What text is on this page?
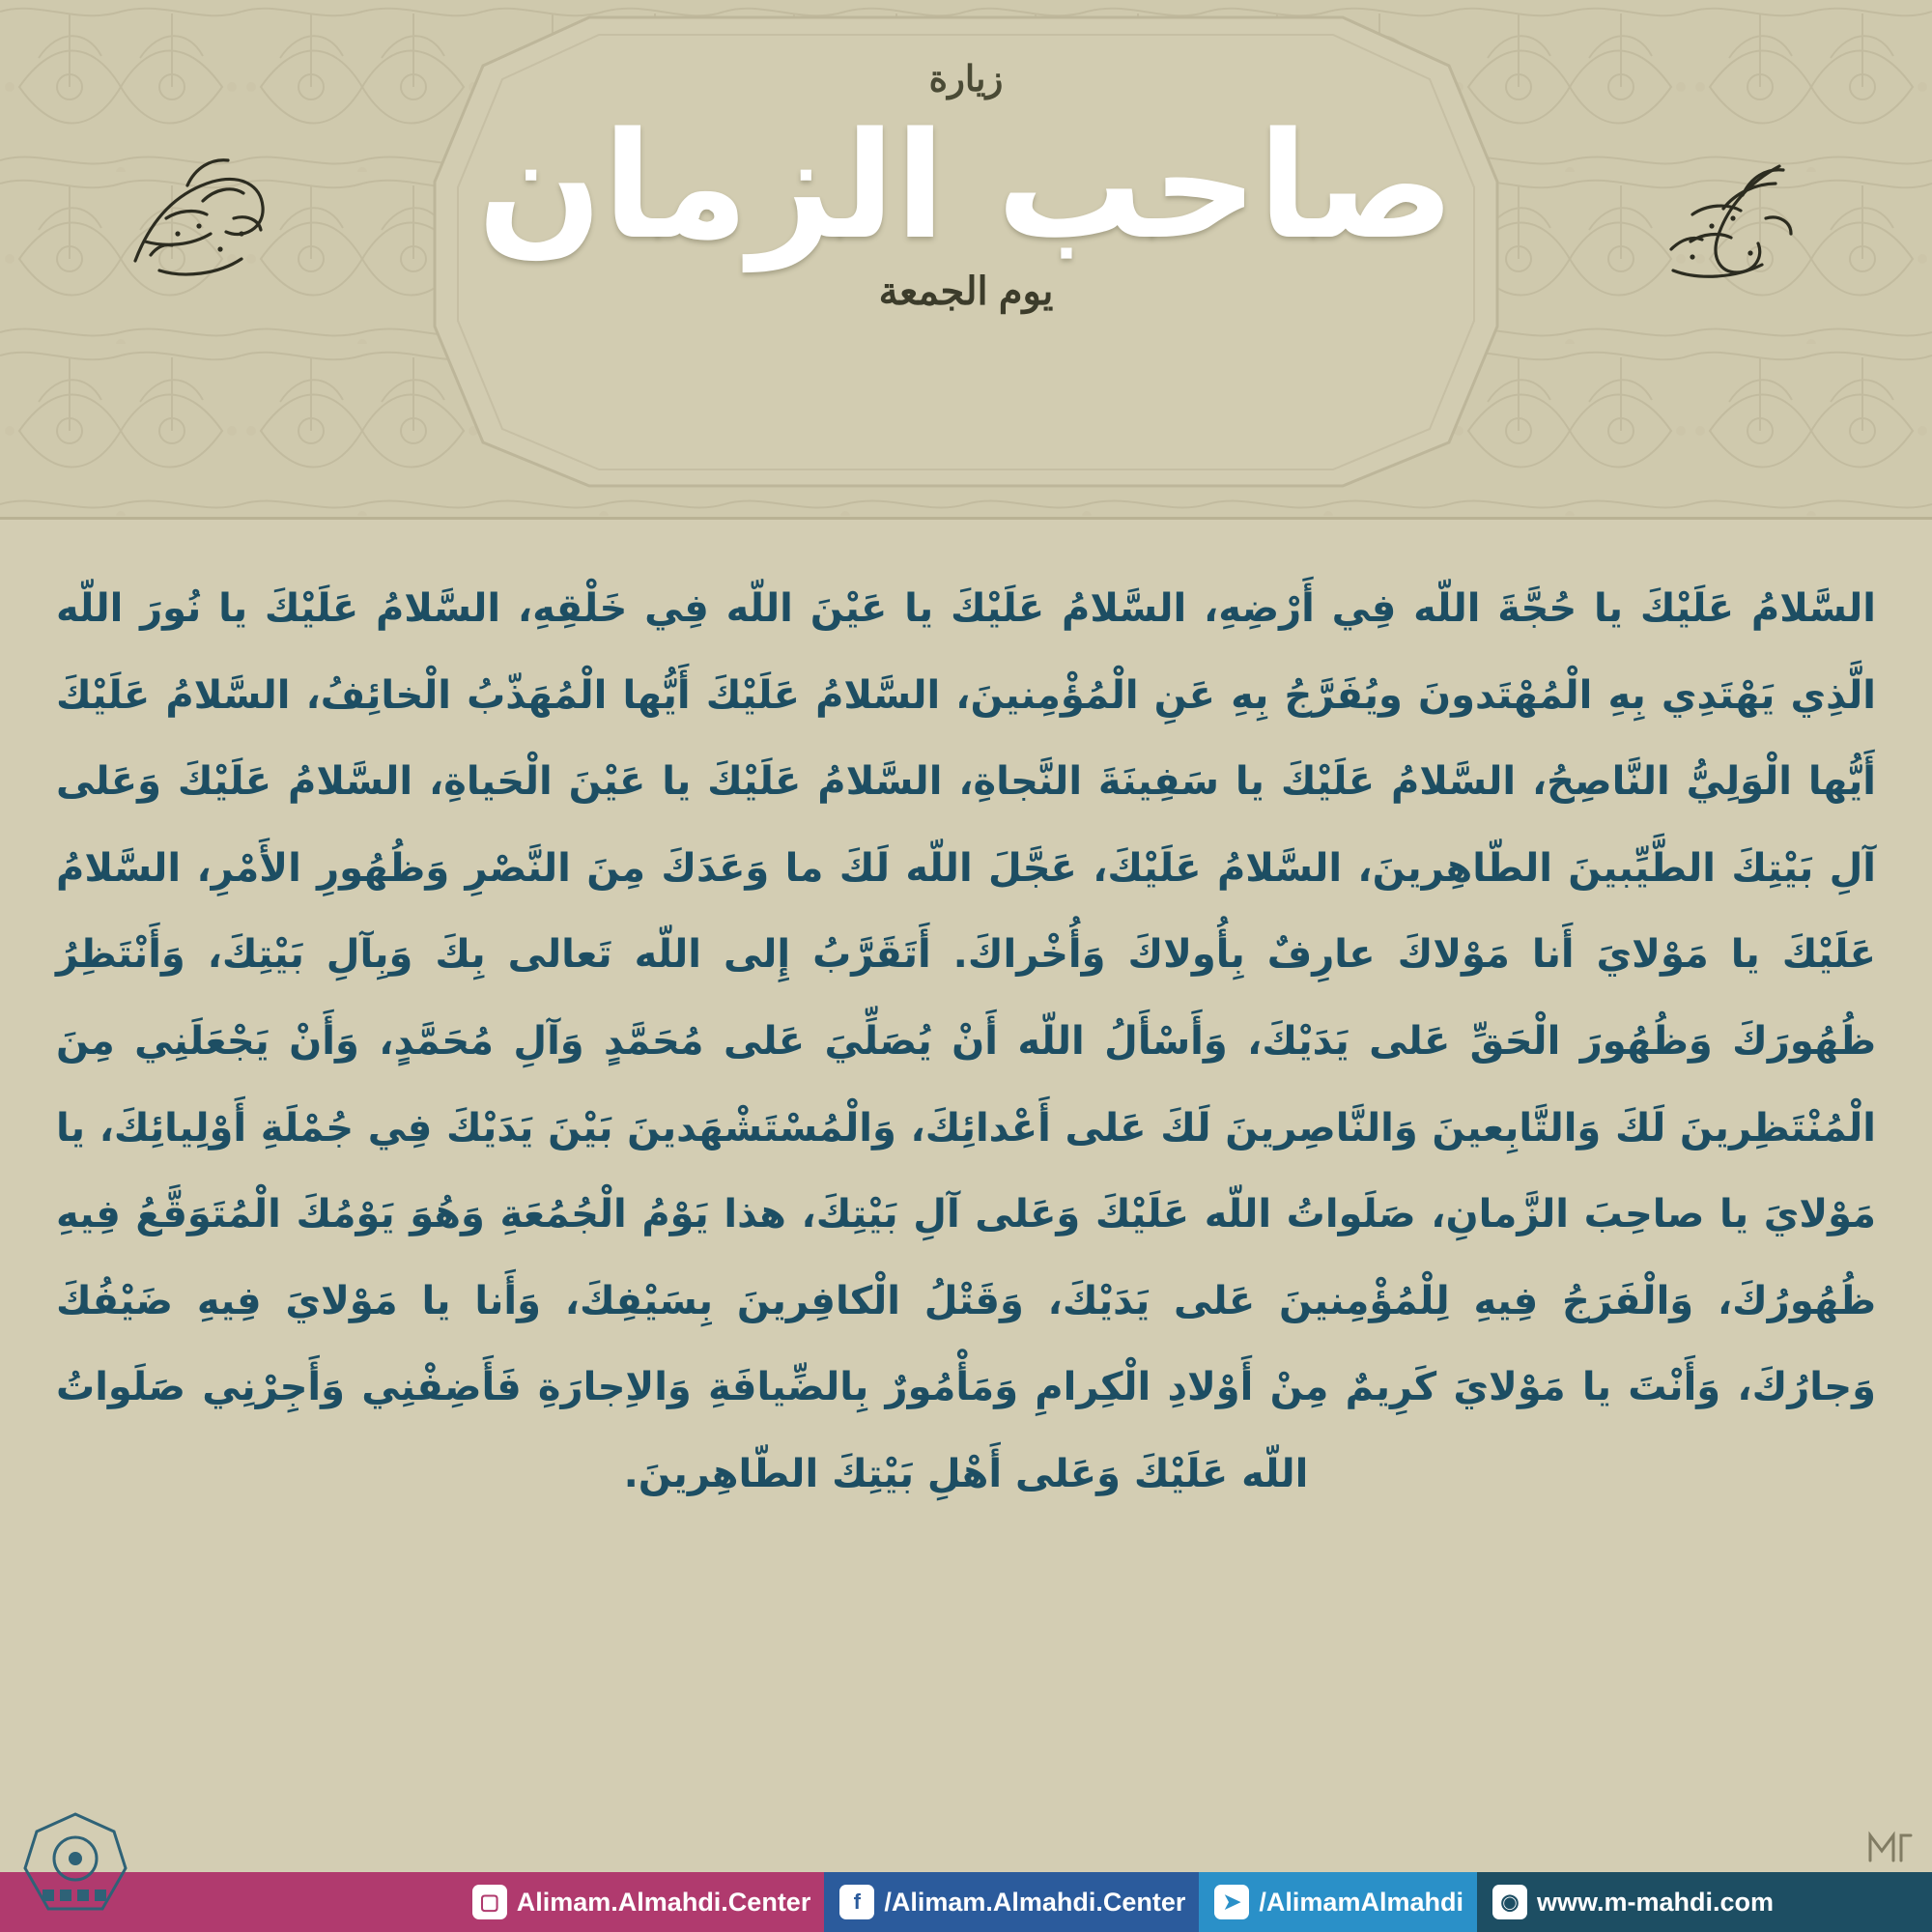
زيارة
صاحب الزمان
يوم الجمعة
السَّلامُ عَلَيْكَ يا حُجَّةَ اللّه فِي أَرْضِهِ، السَّلامُ عَلَيْكَ يا عَيْنَ اللّه فِي خَلْقِهِ، السَّلامُ عَلَيْكَ يا نُورَ اللّه الَّذِي يَهْتَدِي بِهِ الْمُهْتَدونَ ويُفَرَّجُ بِهِ عَنِ الْمُؤْمِنينَ، السَّلامُ عَلَيْكَ أَيُّها الْمُهَذّبُ الْخائِفُ، السَّلامُ عَلَيْكَ أَيُّها الْوَلِيُّ النَّاصِحُ، السَّلامُ عَلَيْكَ يا سَفِينَةَ النَّجاةِ، السَّلامُ عَلَيْكَ يا عَيْنَ الْحَياةِ، السَّلامُ عَلَيْكَ وَعَلى آلِ بَيْتِكَ الطَّيِّبينَ الطّاهِرينَ، السَّلامُ عَلَيْكَ، عَجَّلَ اللّه لَكَ ما وَعَدَكَ مِنَ النَّصْرِ وَظُهُورِ الأَمْرِ، السَّلامُ عَلَيْكَ يا مَوْلايَ أَنا مَوْلاكَ عارِفٌ بِأُولاكَ وَأُخْراكَ. أَتَقَرَّبُ إِلى اللّه تَعالى بِكَ وَبِآلِ بَيْتِكَ، وَأَنْتَظِرُ ظُهُورَكَ وَظُهُورَ الْحَقِّ عَلى يَدَيْكَ، وَأَسْأَلُ اللّه أَنْ يُصَلِّيَ عَلى مُحَمَّدٍ وَآلِ مُحَمَّدٍ، وَأَنْ يَجْعَلَنِي مِنَ الْمُنْتَظِرينَ لَكَ وَالتَّابِعينَ وَالنَّاصِرينَ لَكَ عَلى أَعْدائِكَ، وَالْمُسْتَشْهَدينَ بَيْنَ يَدَيْكَ فِي جُمْلَةِ أَوْلِيائِكَ، يا مَوْلايَ يا صاحِبَ الزَّمانِ، صَلَواتُ اللّه عَلَيْكَ وَعَلى آلِ بَيْتِكَ، هذا يَوْمُ الْجُمُعَةِ وَهُوَ يَوْمُكَ الْمُتَوَقَّعُ فِيهِ ظُهُورُكَ، وَالْفَرَجُ فِيهِ لِلْمُؤْمِنينَ عَلى يَدَيْكَ، وَقَتْلُ الْكافِرينَ بِسَيْفِكَ، وَأَنا يا مَوْلايَ فِيهِ ضَيْفُكَ وَجارُكَ، وَأَنْتَ يا مَوْلايَ كَرِيمٌ مِنْ أَوْلادِ الْكِرامِ وَمَأْمُورٌ بِالضِّيافَةِ وَالاِجارَةِ فَأَضِفْنِي وَأَجِرْنِي صَلَواتُ اللّه عَلَيْكَ وَعَلى أَهْلِ بَيْتِكَ الطّاهِرينَ.
◉ www.m-mahdi.com
➤ /AlimamAlmahdi
f /Alimam.Almahdi.Center
▢ Alimam.Almahdi.Center
